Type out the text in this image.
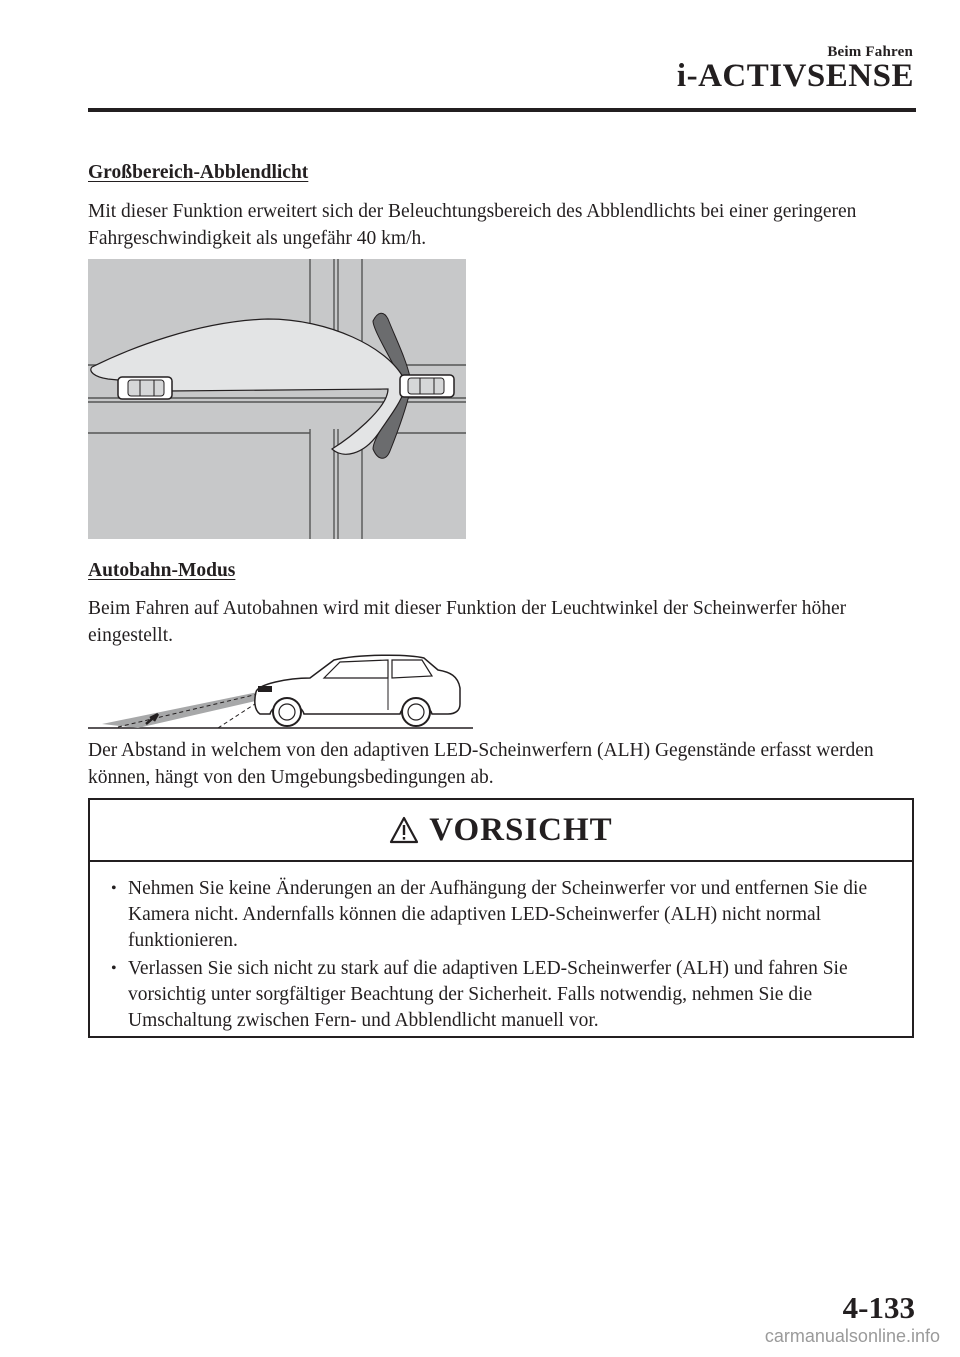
Beim Fahren
i-ACTIVSENSE
Großbereich-Abblendlicht
Mit dieser Funktion erweitert sich der Beleuchtungsbereich des Abblendlichts bei einer geringeren Fahrgeschwindigkeit als ungefähr 40 km/h.
Autobahn-Modus
Beim Fahren auf Autobahnen wird mit dieser Funktion der Leuchtwinkel der Scheinwerfer höher eingestellt.
Der Abstand in welchem von den adaptiven LED-Scheinwerfern (ALH) Gegenstände erfasst werden können, hängt von den Umgebungsbedingungen ab.
VORSICHT
• Nehmen Sie keine Änderungen an der Aufhängung der Scheinwerfer vor und entfernen Sie die Kamera nicht. Andernfalls können die adaptiven LED-Scheinwerfer (ALH) nicht normal funktionieren.
• Verlassen Sie sich nicht zu stark auf die adaptiven LED-Scheinwerfer (ALH) und fahren Sie vorsichtig unter sorgfältiger Beachtung der Sicherheit. Falls notwendig, nehmen Sie die Umschaltung zwischen Fern- und Abblendlicht manuell vor.
4-133
carmanualsonline.info
